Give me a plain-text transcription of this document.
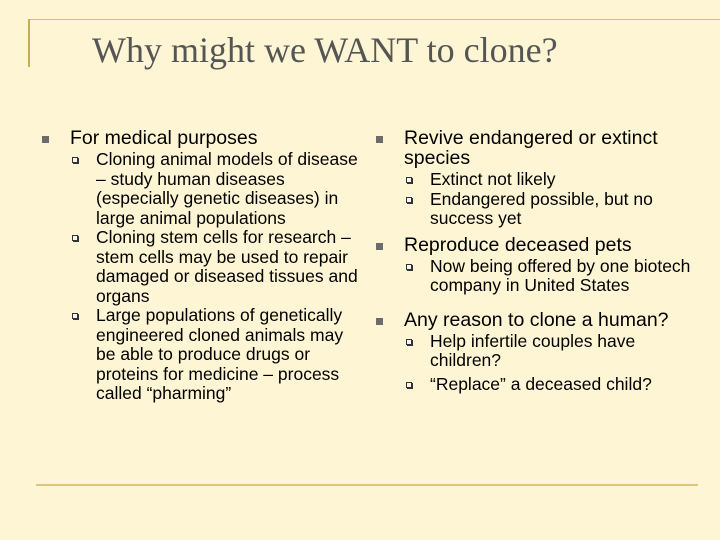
Why might we WANT to clone?
For medical purposes
Cloning animal models of disease – study human diseases (especially genetic diseases) in large animal populations
Cloning stem cells for research – stem cells may be used to repair damaged or diseased tissues and organs
Large populations of genetically engineered cloned animals may be able to produce drugs or proteins for medicine – process called “pharming”
Revive endangered or extinct species
Extinct not likely
Endangered possible, but no success yet
Reproduce deceased pets
Now being offered by one biotech company in United States
Any reason to clone a human?
Help infertile couples have children?
“Replace” a deceased child?
